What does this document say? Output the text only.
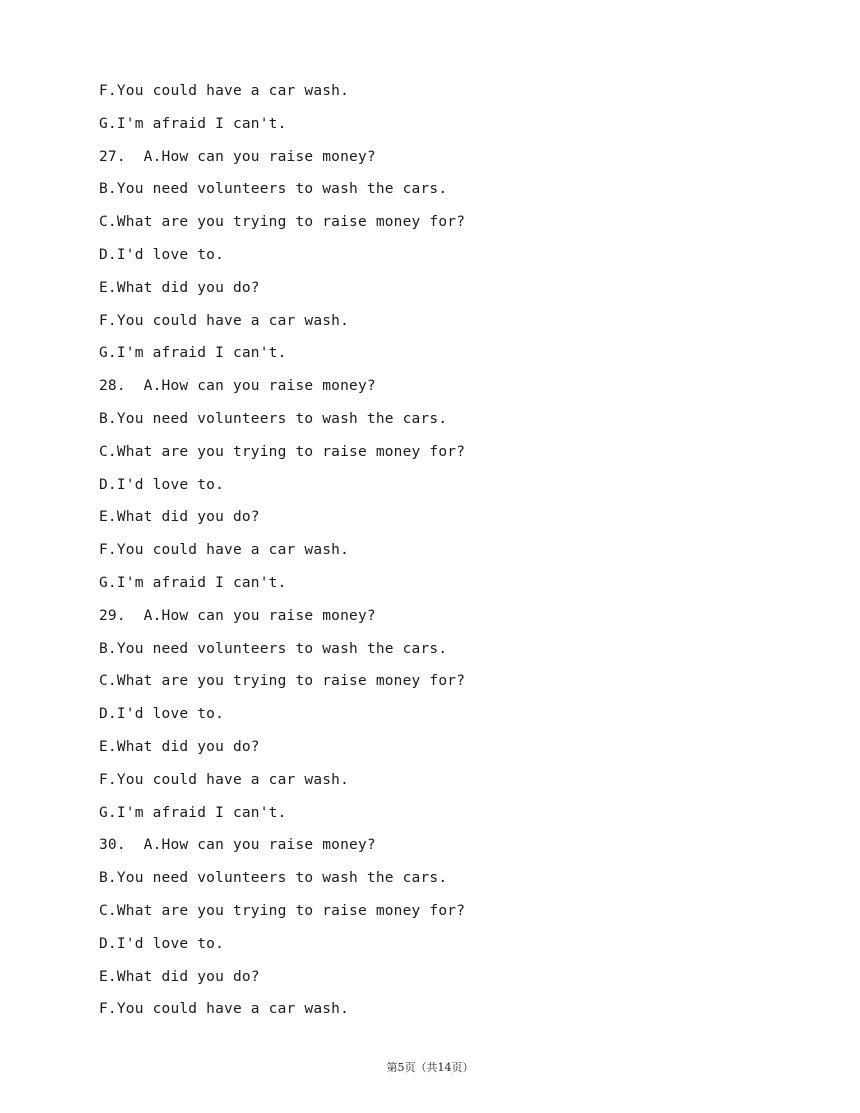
F.You could have a car wash.
G.I'm afraid I can't.
27.  A.How can you raise money?
B.You need volunteers to wash the cars.
C.What are you trying to raise money for?
D.I'd love to.
E.What did you do?
F.You could have a car wash.
G.I'm afraid I can't.
28.  A.How can you raise money?
B.You need volunteers to wash the cars.
C.What are you trying to raise money for?
D.I'd love to.
E.What did you do?
F.You could have a car wash.
G.I'm afraid I can't.
29.  A.How can you raise money?
B.You need volunteers to wash the cars.
C.What are you trying to raise money for?
D.I'd love to.
E.What did you do?
F.You could have a car wash.
G.I'm afraid I can't.
30.  A.How can you raise money?
B.You need volunteers to wash the cars.
C.What are you trying to raise money for?
D.I'd love to.
E.What did you do?
F.You could have a car wash.
第5页（共14页）
